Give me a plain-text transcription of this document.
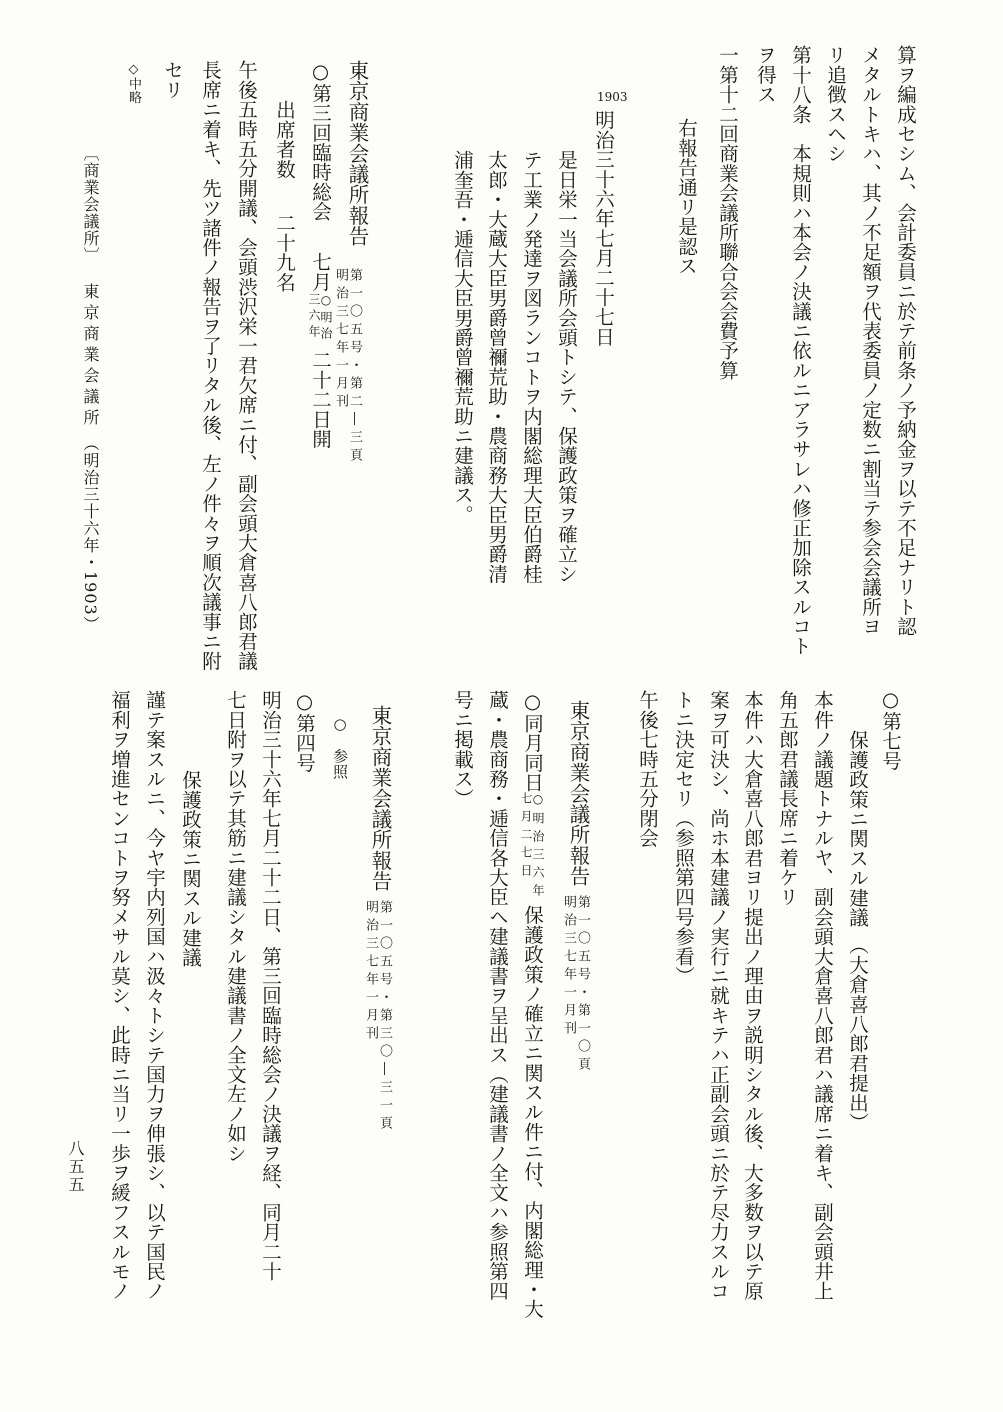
算ヲ編成セシム、会計委員ニ於テ前条ノ予納金ヲ以テ不足ナリト認
メタルトキハ、其ノ不足額ヲ代表委員ノ定数ニ割当テ参会会議所ヨ
リ追徴スヘシ
第十八条　本規則ハ本会ノ決議ニ依ルニアラサレハ修正加除スルコト
ヲ得ス
一第十二回商業会議所聯合会会費予算
右報告通リ是認ス
1903
明治三十六年七月二十七日
是日栄一当会議所会頭トシテ、保護政策ヲ確立シ
テ工業ノ発達ヲ図ランコトヲ内閣総理大臣伯爵桂
太郎・大蔵大臣男爵曾禰荒助・農商務大臣男爵清
浦奎吾・逓信大臣男爵曾禰荒助ニ建議ス。
東京商業会議所報告
第一〇五号・第二―三頁
明治三七年一月刊
○第三回臨時総会
七月
○明治
三六年
二十二日開
出席者数
二十九名
午後五時五分開議、会頭渋沢栄一君欠席ニ付、副会頭大倉喜八郎君議
長席ニ着キ、先ツ諸件ノ報告ヲ了リタル後、左ノ件々ヲ順次議事ニ附
セリ
◇中略
〔商業会議所〕
東京商業会議所
（明治三十六年・1903）
○第七号
保護政策ニ関スル建議
（大倉喜八郎君提出）
本件ノ議題トナルヤ、副会頭大倉喜八郎君ハ議席ニ着キ、副会頭井上
角五郎君議長席ニ着ケリ
本件ハ大倉喜八郎君ヨリ提出ノ理由ヲ説明シタル後、大多数ヲ以テ原
案ヲ可決シ、尚ホ本建議ノ実行ニ就キテハ正副会頭ニ於テ尽力スルコ
トニ決定セリ（参照第四号参看）
午後七時五分閉会
東京商業会議所報告
第一〇五号・第一〇頁
明治三七年一月刊
○同月同日
○明治三六年
七月二七日
保護政策ノ確立ニ関スル件ニ付、内閣総理・大
蔵・農商務・逓信各大臣ヘ建議書ヲ呈出ス（建議書ノ全文ハ参照第四
号ニ掲載ス）
東京商業会議所報告
第一〇五号・第三〇―三一頁
明治三七年一月刊
○　参照
○第四号
明治三十六年七月二十二日、第三回臨時総会ノ決議ヲ経、同月二十
七日附ヲ以テ其筋ニ建議シタル建議書ノ全文左ノ如シ
保護政策ニ関スル建議
謹テ案スルニ、今ヤ宇内列国ハ汲々トシテ国力ヲ伸張シ、以テ国民ノ
福利ヲ増進センコトヲ努メサル莫シ、此時ニ当リ一歩ヲ緩フスルモノ
八五五
